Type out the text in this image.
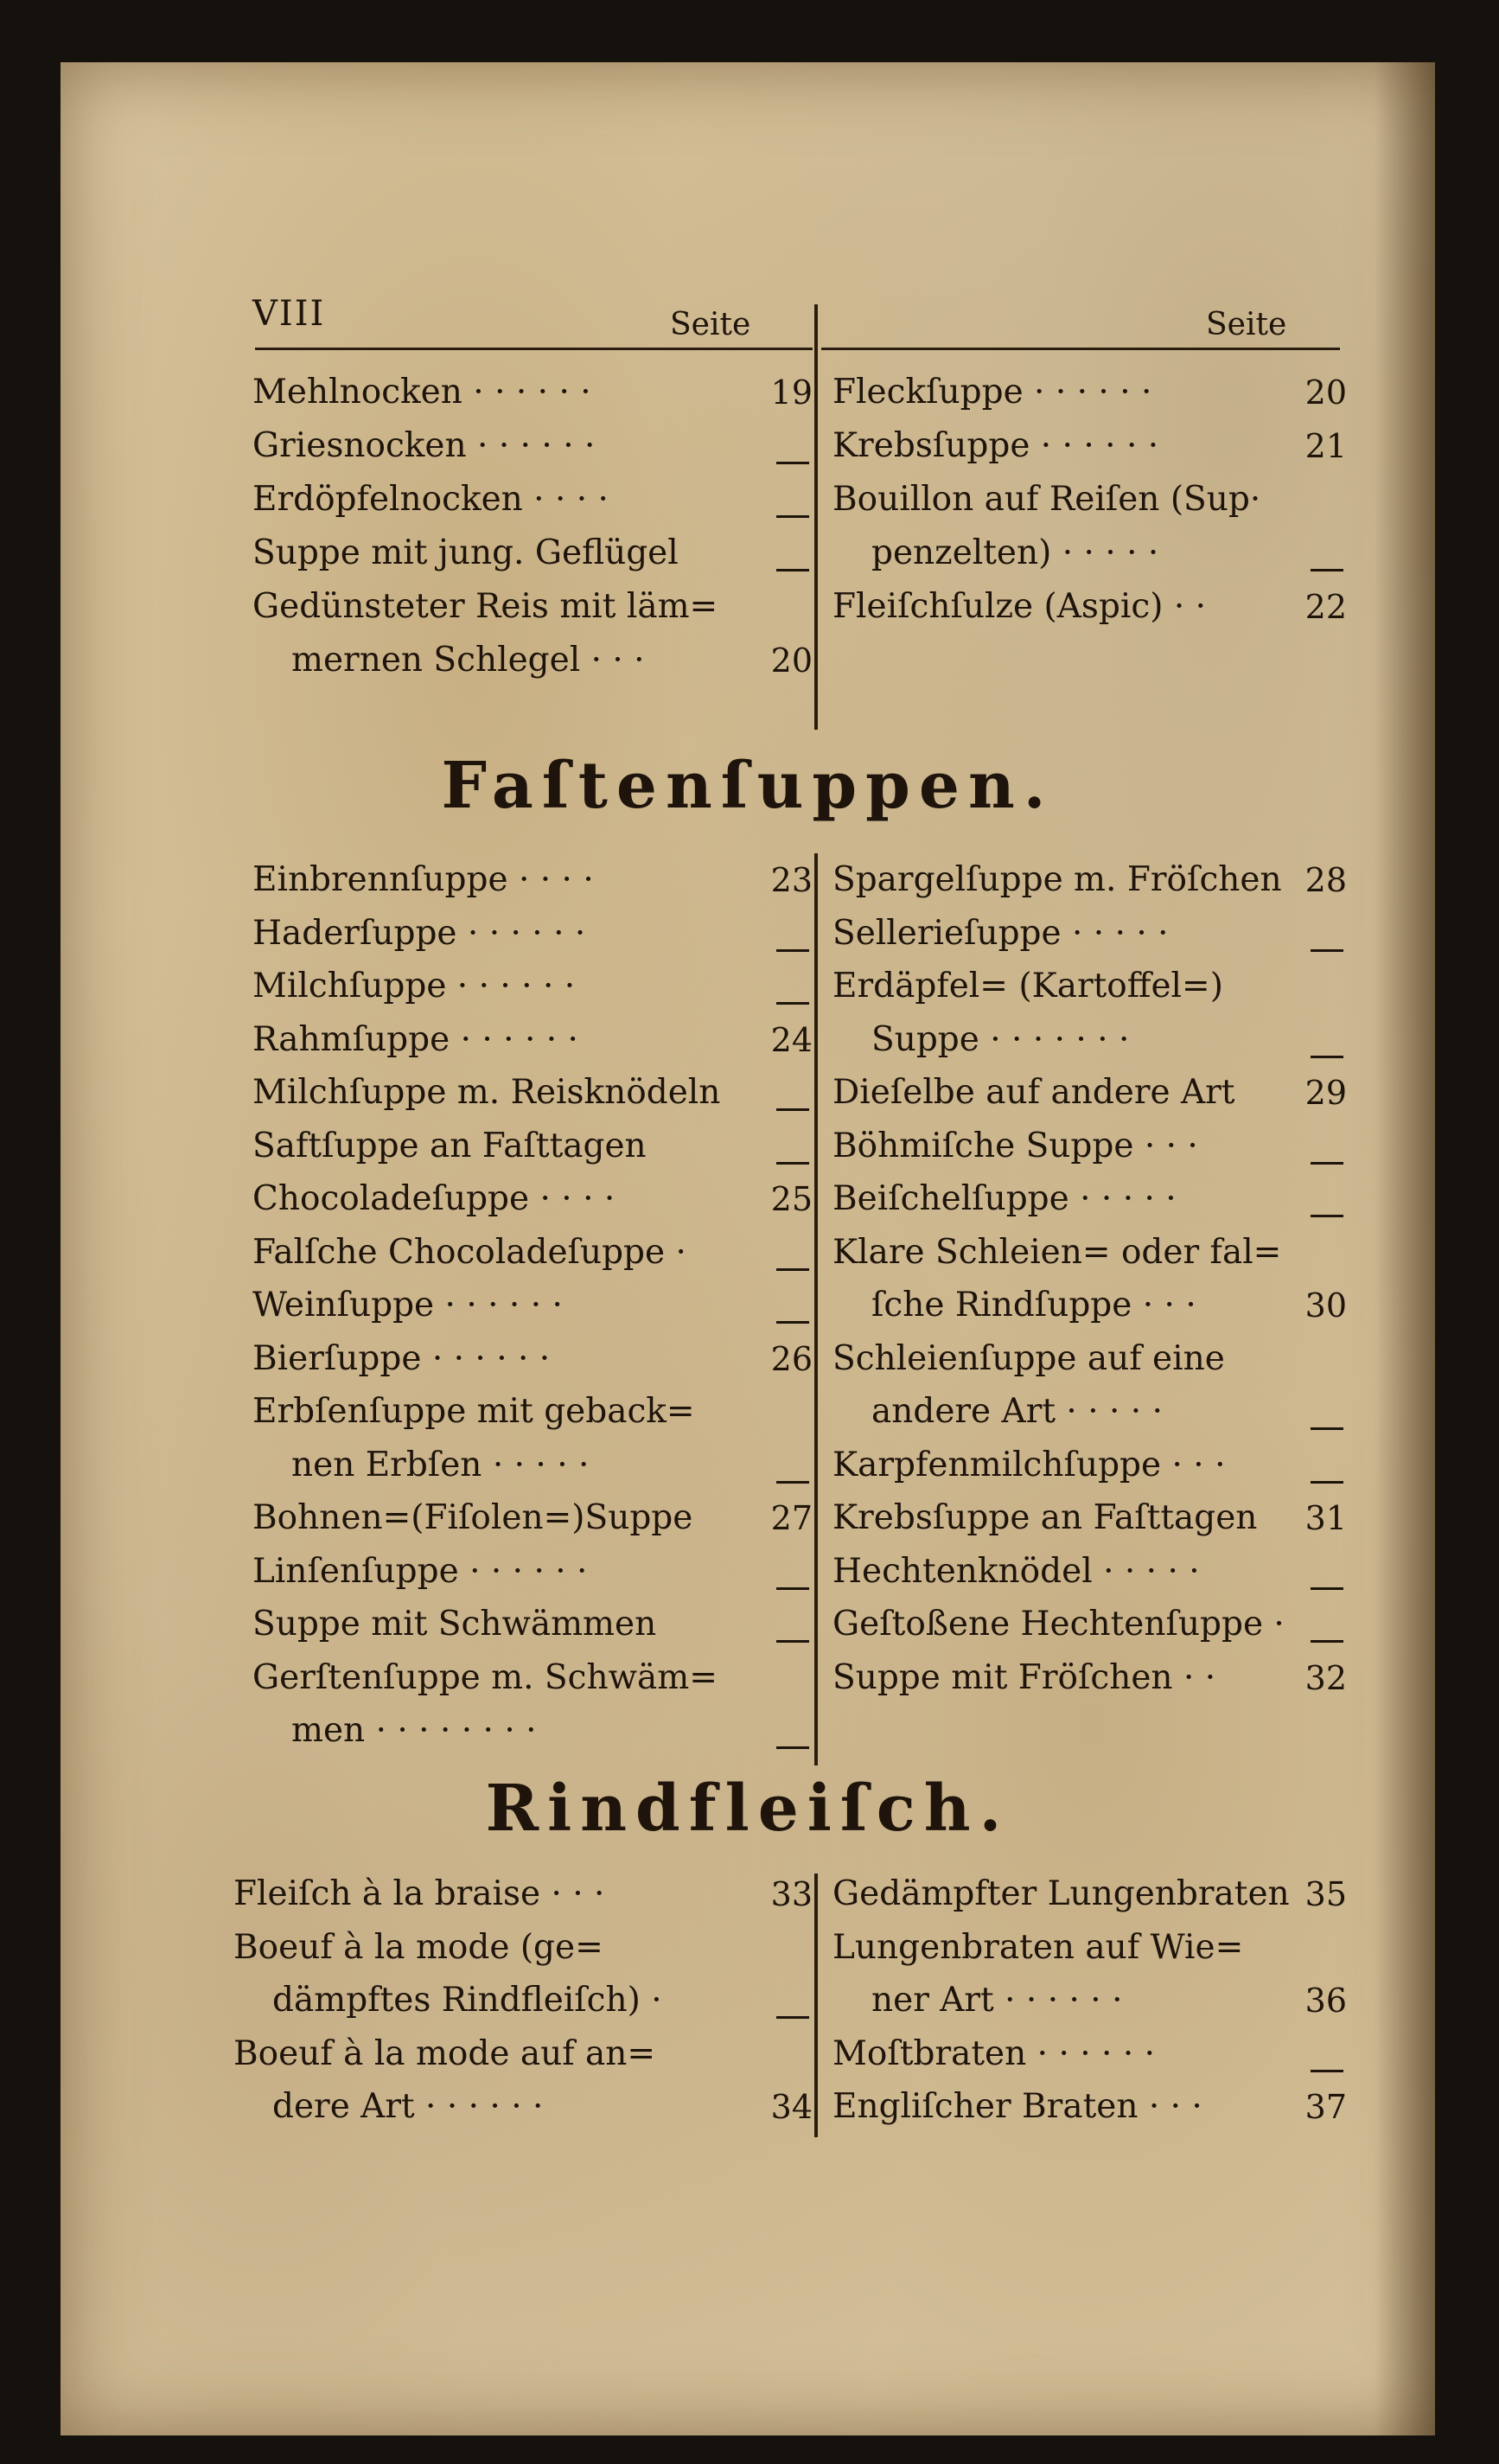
VIII	Seite	Seite
Faſtenſuppen.
Rindfleiſch.
Mehlnocken · · · · · ·	19
Griesnocken · · · · · ·
Erdöpfelnocken · · · ·
Suppe mit jung. Geflügel
Gedünsteter Reis mit läm=
mernen Schlegel · · ·	20
Fleckſuppe · · · · · ·	20
Krebsſuppe · · · · · ·	21
Bouillon auf Reiſen (Sup·
penzelten) · · · · ·
Fleiſchſulze (Aspic) · ·	22
Einbrennſuppe · · · ·	23
Haderſuppe · · · · · ·
Milchſuppe · · · · · ·
Rahmſuppe · · · · · ·	24
Milchſuppe m. Reisknödeln
Saftſuppe an Faſttagen
Chocoladeſuppe · · · ·	25
Falſche Chocoladeſuppe ·
Weinſuppe · · · · · ·
Bierſuppe · · · · · ·	26
Erbſenſuppe mit geback=
nen Erbſen · · · · ·
Bohnen=(Fiſolen=)Suppe	27
Linſenſuppe · · · · · ·
Suppe mit Schwämmen
Gerſtenſuppe m. Schwäm=
men · · · · · · · ·
Spargelſuppe m. Fröſchen 28
Sellerieſuppe · · · · ·
Erdäpfel= (Kartoffel=)
Suppe · · · · · · ·
Dieſelbe auf andere Art	29
Böhmiſche Suppe · · ·
Beiſchelſuppe · · · · ·
Klare Schleien= oder fal=
ſche Rindſuppe · · ·	30
Schleienſuppe auf eine
andere Art · · · · ·
Karpfenmilchſuppe · · ·
Krebsſuppe an Faſttagen	31
Hechtenknödel · · · · ·
Geſtoßene Hechtenſuppe ·
Suppe mit Fröſchen · ·	32
Fleiſch à la braise · · ·	33
Boeuf à la mode (ge=
dämpftes Rindfleiſch) ·
Boeuf à la mode auf an=
dere Art · · · · · ·	34
Gedämpfter Lungenbraten 35
Lungenbraten auf Wie=
ner Art · · · · · ·	36
Moſtbraten · · · · · ·
Engliſcher Braten · · ·	37
